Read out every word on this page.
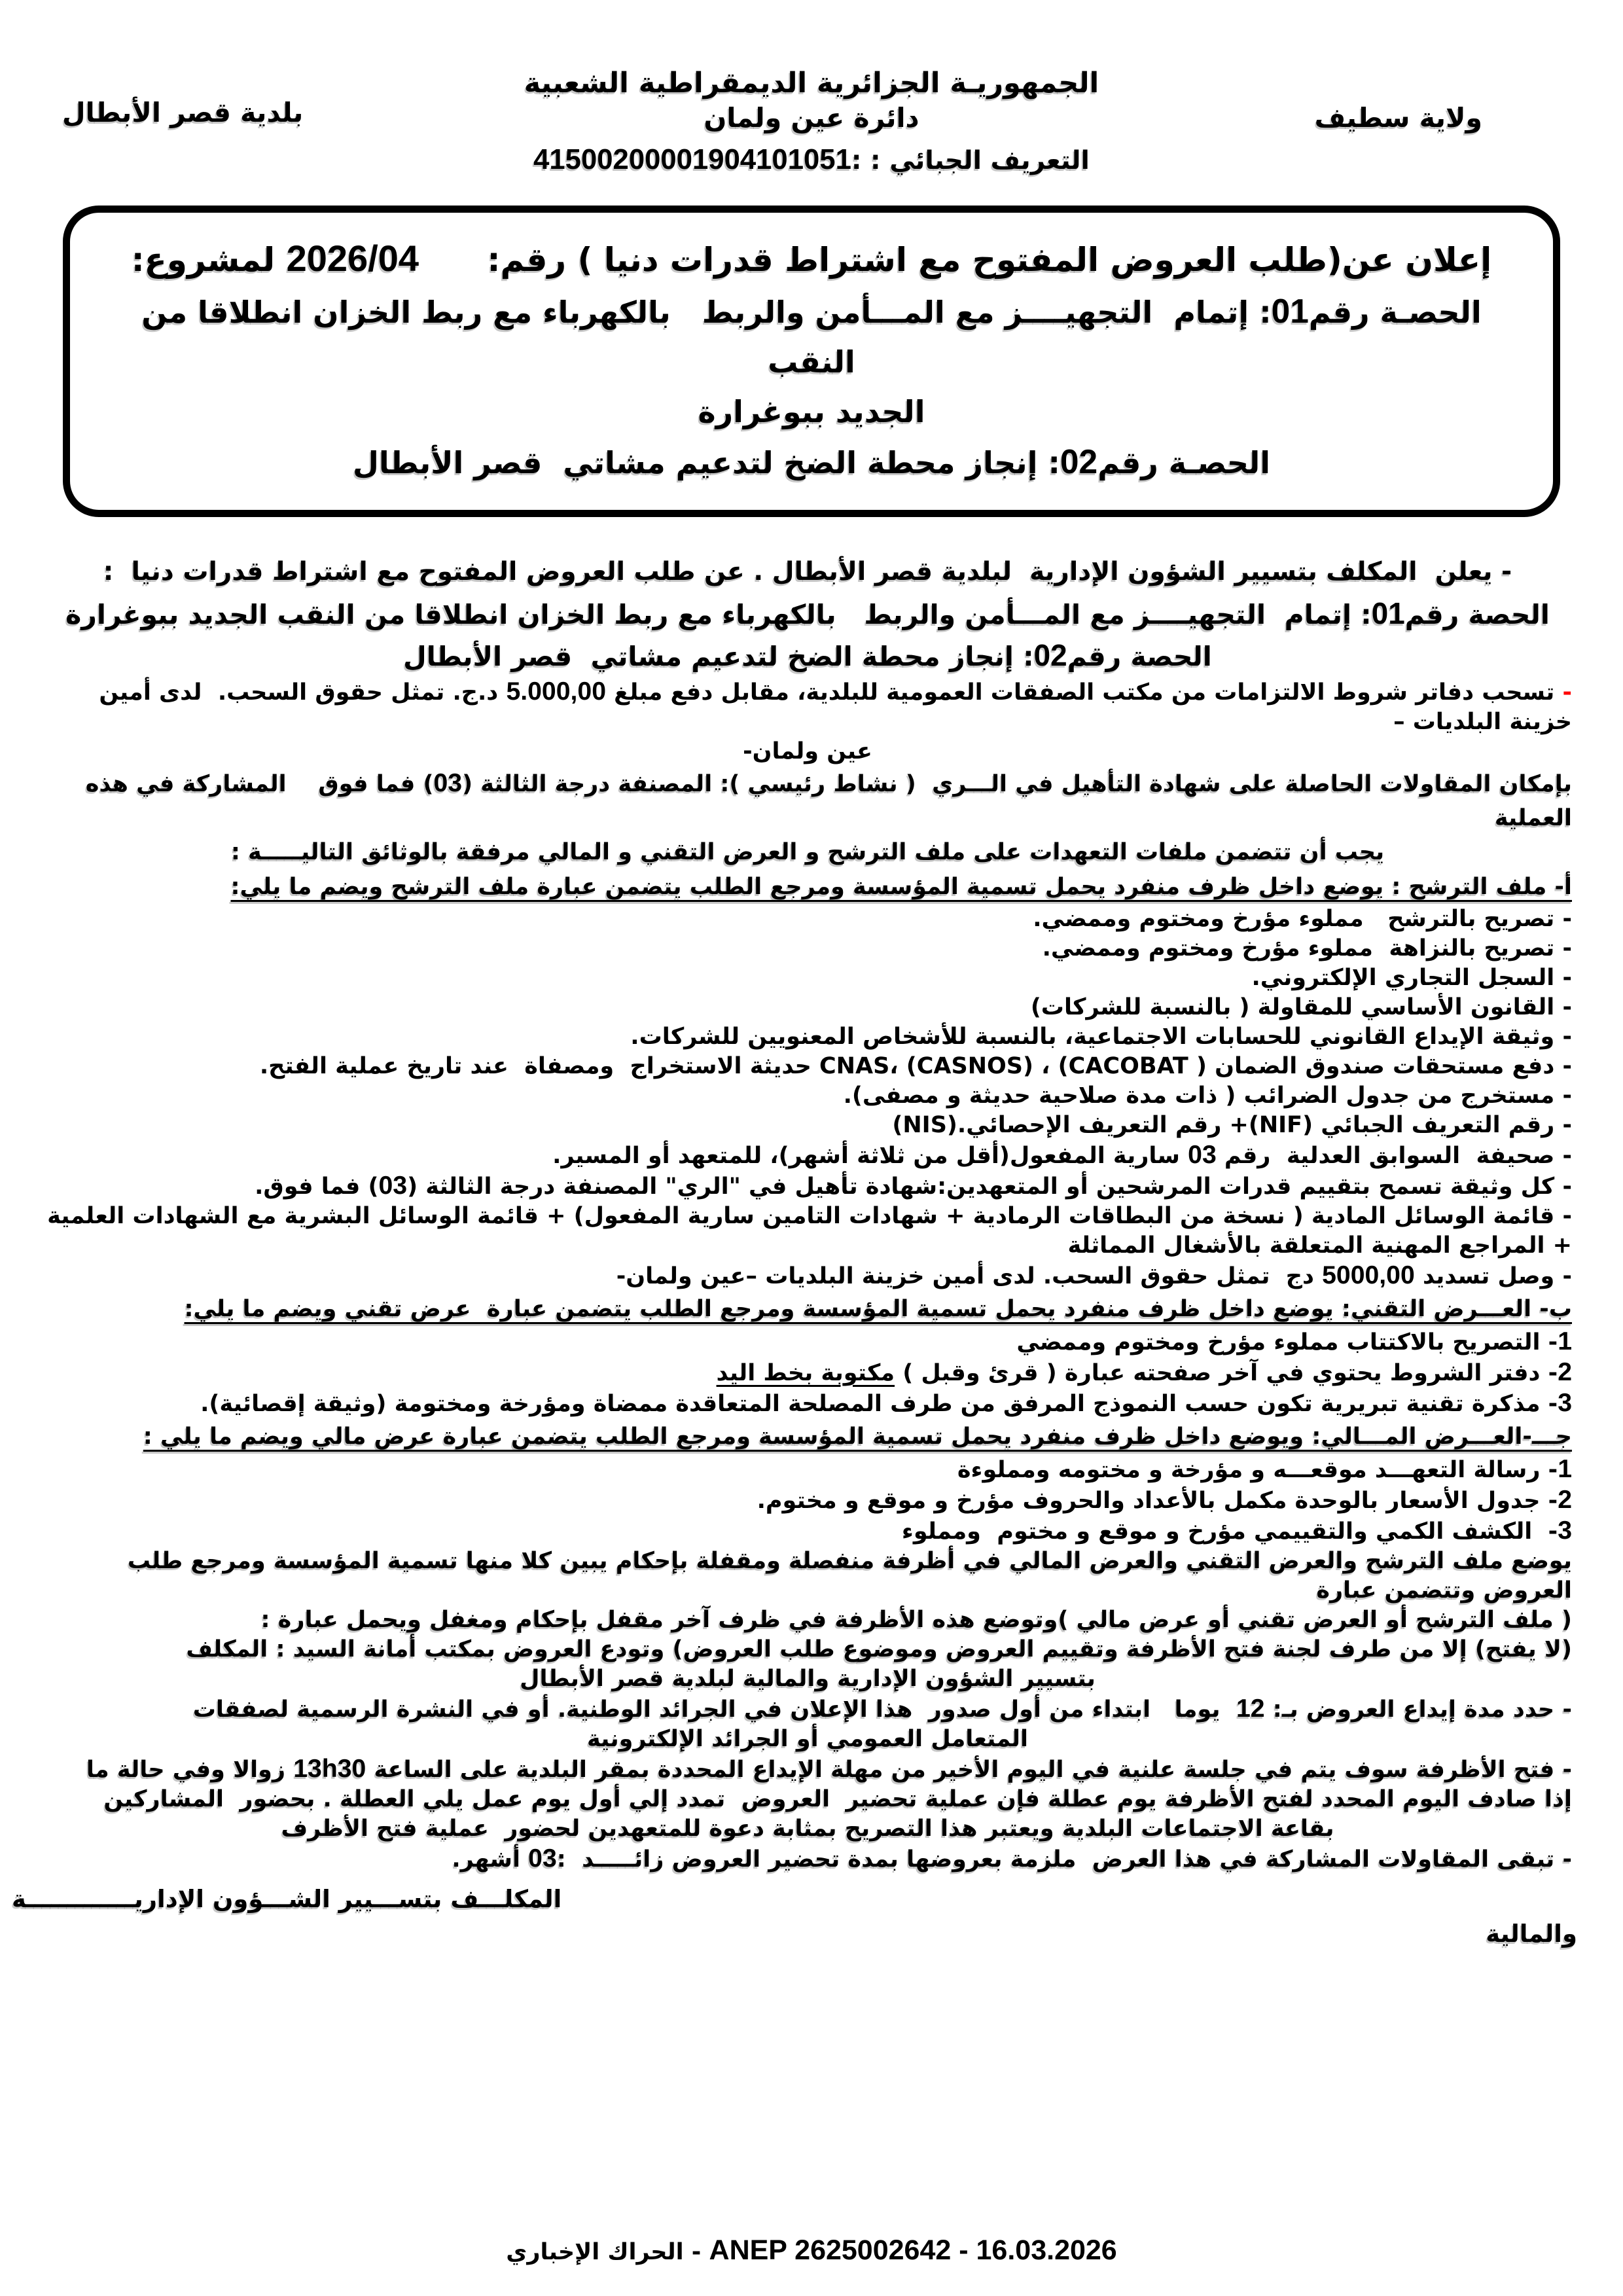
الجمهوريـة الجزائرية الديمقراطية الشعبية
دائرة عين ولمان	ولاية سطيف
بلدية قصر الأبطال
التعريف الجبائي : :41500200001904101051
إعلان عن(طلب العروض المفتوح مع اشتراط قدرات دنيا ) رقم:      2026/04 لمشروع:
الحصـة رقم01: إتمام  التجهيــــز مع المـــأمن والربط   بالكهرباء مع ربط الخزان انطلاقا من النقب
الجديد ببوغرارة
الحصـة رقم02: إنجاز محطة الضخ لتدعيم مشاتي  قصر الأبطال
- يعلن  المكلف بتسيير الشؤون الإدارية  لبلدية قصر الأبطال . عن طلب العروض المفتوح مع اشتراط قدرات دنيا  :
الحصة رقم01: إتمام  التجهيــــز مع المـــأمن والربط   بالكهرباء مع ربط الخزان انطلاقا من النقب الجديد ببوغرارة
الحصة رقم02: إنجاز محطة الضخ لتدعيم مشاتي  قصر الأبطال
- تسحب دفاتر شروط الالتزامات من مكتب الصفقات العمومية للبلدية، مقابل دفع مبلغ 5.000,00 د.ج. تمثل حقوق السحب.  لدى أمين خزينة البلديات –
عين ولمان-
بإمكان المقاولات الحاصلة على شهادة التأهيل في الـــري  ( نشاط رئيسي ): المصنفة درجة الثالثة (03) فما فوق    المشاركة في هذه العملية
يجب أن تتضمن ملفات التعهدات على ملف الترشح و العرض التقني و المالي مرفقة بالوثائق التاليـــــة :
أ- ملف الترشح : يوضع داخل ظرف منفرد يحمل تسمية المؤسسة ومرجع الطلب يتضمن عبارة ملف الترشح ويضم ما يلي:
- تصريح بالترشح   مملوء مؤرخ ومختوم وممضي.
- تصريح بالنزاهة  مملوء مؤرخ ومختوم وممضي.
- السجل التجاري الإلكتروني.
- القانون الأساسي للمقاولة ( بالنسبة للشركات)
- وثيقة الإيداع القانوني للحسابات الاجتماعية، بالنسبة للأشخاص المعنويين للشركات.
- دفع مستحقات صندوق الضمان CNAS، (CASNOS) ، (CACOBAT ) حديثة الاستخراج  ومصفاة  عند تاريخ عملية الفتح.
- مستخرج من جدول الضرائب ( ذات مدة صلاحية حديثة و مصفى).
- رقم التعريف الجبائي (NIF)+ رقم التعريف الإحصائي.(NIS)
- صحيفة  السوابق العدلية  رقم 03 سارية المفعول(أقل من ثلاثة أشهر)، للمتعهد أو المسير.
- كل وثيقة تسمح بتقييم قدرات المرشحين أو المتعهدين:شهادة تأهيل في "الري" المصنفة درجة الثالثة (03) فما فوق.
- قائمة الوسائل المادية ( نسخة من البطاقات الرمادية + شهادات التامين سارية المفعول) + قائمة الوسائل البشرية مع الشهادات العلمية
+ المراجع المهنية المتعلقة بالأشغال المماثلة
- وصل تسديد 5000,00 دج  تمثل حقوق السحب. لدى أمين خزينة البلديات –عين ولمان-
ب- العـــرض التقني: يوضع داخل ظرف منفرد يحمل تسمية المؤسسة ومرجع الطلب يتضمن عبارة  عرض تقني ويضم ما يلي:
1- التصريح بالاكتتاب مملوء مؤرخ ومختوم وممضي
2- دفتر الشروط يحتوي في آخر صفحته عبارة ( قرئ وقبل ) مكتوبة بخط اليد
3- مذكرة تقنية تبريرية تكون حسب النموذج المرفق من طرف المصلحة المتعاقدة ممضاة ومؤرخة ومختومة (وثيقة إقصائية).
جـــ-العـــرض المـــالي: ويوضع داخل ظرف منفرد يحمل تسمية المؤسسة ومرجع الطلب يتضمن عبارة عرض مالي ويضم ما يلي :
1- رسالة التعهـــد موقعـــه و مؤرخة و مختومه ومملوءة
2- جدول الأسعار بالوحدة مكمل بالأعداد والحروف مؤرخ و موقع و مختوم.
3-  الكشف الكمي والتقييمي مؤرخ و موقع و مختوم  ومملوء
يوضع ملف الترشح والعرض التقني والعرض المالي في أظرفة منفصلة ومقفلة بإحكام يبين كلا منها تسمية المؤسسة ومرجع طلب
العروض وتتضمن عبارة
( ملف الترشح أو العرض تقني أو عرض مالي )وتوضع هذه الأظرفة في ظرف آخر مقفل بإحكام ومغفل ويحمل عبارة :
(لا يفتح) إلا من طرف لجنة فتح الأظرفة وتقييم العروض وموضوع طلب العروض) وتودع العروض بمكتب أمانة السيد : المكلف
بتسيير الشؤون الإدارية والمالية لبلدية قصر الأبطال
- حدد مدة إيداع العروض بـ: 12  يوما   ابتداء من أول صدور  هذا الإعلان في الجرائد الوطنية. أو في النشرة الرسمية لصفقات
المتعامل العمومي أو الجرائد الإلكترونية
- فتح الأظرفة سوف يتم في جلسة علنية في اليوم الأخير من مهلة الإيداع المحددة بمقر البلدية على الساعة 13h30 زوالا وفي حالة ما
إذا صادف اليوم المحدد لفتح الأظرفة يوم عطلة فإن عملية تحضير  العروض  تمدد إلي أول يوم عمل يلي العطلة . بحضور  المشاركين
بقاعة الاجتماعات البلدية ويعتبر هذا التصريح بمثابة دعوة للمتعهدين لحضور  عملية فتح الأظرف
- تبقى المقاولات المشاركة في هذا العرض  ملزمة بعروضها بمدة تحضير العروض زائـــــد  :03 أشهر.
المكلـــف بتســـيير الشـــؤون الإداريـــــــــــــة
والمالية
ANEP 2625002642 - 16.03.2026 - الحراك الإخباري
